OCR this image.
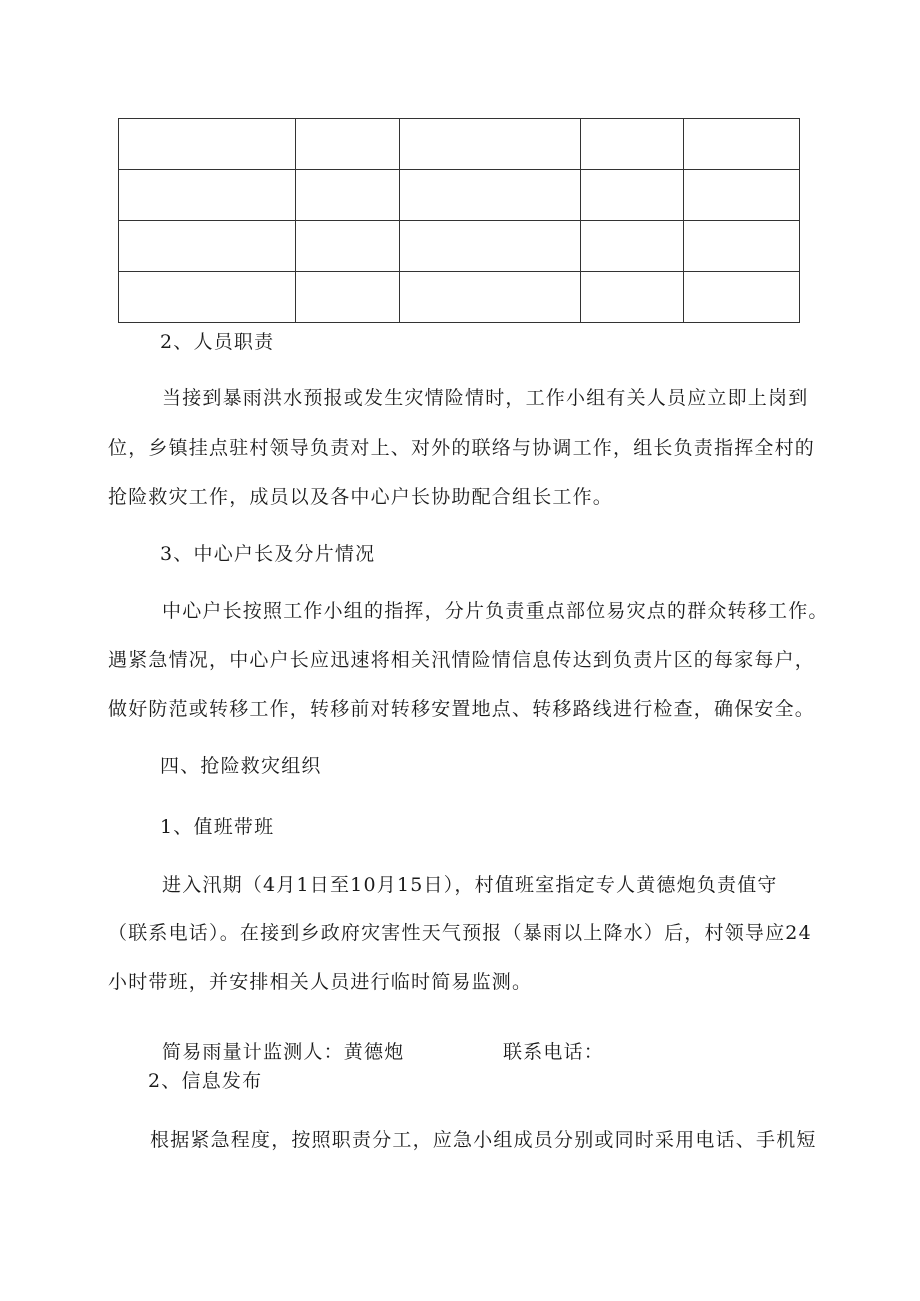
2、人员职责
当接到暴雨洪水预报或发生灾情险情时，工作小组有关人员应立即上岗到
位，乡镇挂点驻村领导负责对上、对外的联络与协调工作，组长负责指挥全村的
抢险救灾工作，成员以及各中心户长协助配合组长工作。
3、中心户长及分片情况
中心户长按照工作小组的指挥，分片负责重点部位易灾点的群众转移工作。
遇紧急情况，中心户长应迅速将相关汛情险情信息传达到负责片区的每家每户，
做好防范或转移工作，转移前对转移安置地点、转移路线进行检查，确保安全。
四、抢险救灾组织
1、值班带班
进入汛期（4月1日至10月15日），村值班室指定专人黄德炮负责值守
（联系电话）。在接到乡政府灾害性天气预报（暴雨以上降水）后，村领导应24
小时带班，并安排相关人员进行临时简易监测。
简易雨量计监测人：黄德炮	联系电话：
2、信息发布
根据紧急程度，按照职责分工，应急小组成员分别或同时采用电话、手机短
